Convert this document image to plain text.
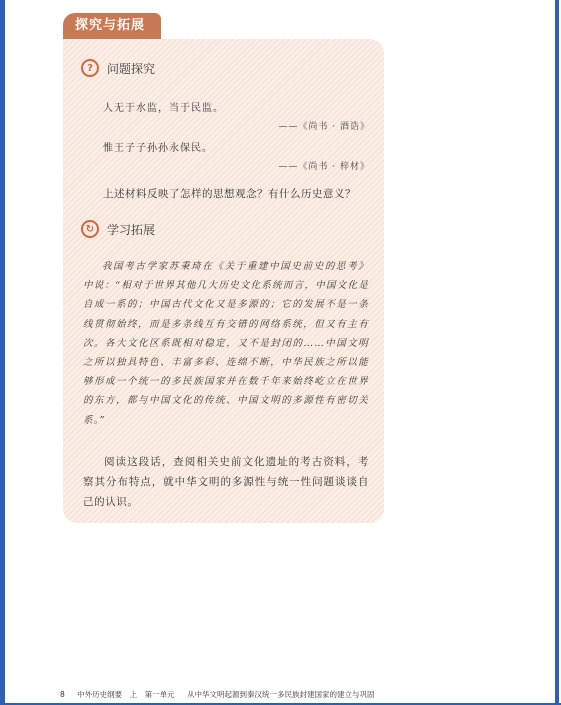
探究与拓展
?	问题探究
人无于水监，当于民监。
——《尚书 · 酒诰》
惟王子子孙孙永保民。
——《尚书 · 梓材》
上述材料反映了怎样的思想观念？有什么历史意义？
↻	学习拓展
我国考古学家苏秉琦在《关于重建中国史前史的思考》中说：“相对于世界其他几大历史文化系统而言，中国文化是自成一系的；中国古代文化又是多源的；它的发展不是一条线贯彻始终，而是多条线互有交错的网络系统，但又有主有次。各大文化区系既相对稳定，又不是封闭的……中国文明之所以独具特色、丰富多彩、连绵不断，中华民族之所以能够形成一个统一的多民族国家并在数千年来始终屹立在世界的东方，都与中国文化的传统、中国文明的多源性有密切关系。”
阅读这段话，查阅相关史前文化遗址的考古资料，考察其分布特点，就中华文明的多源性与统一性问题谈谈自己的认识。
8 中外历史纲要　上　第一单元 从中华文明起源到秦汉统一多民族封建国家的建立与巩固
